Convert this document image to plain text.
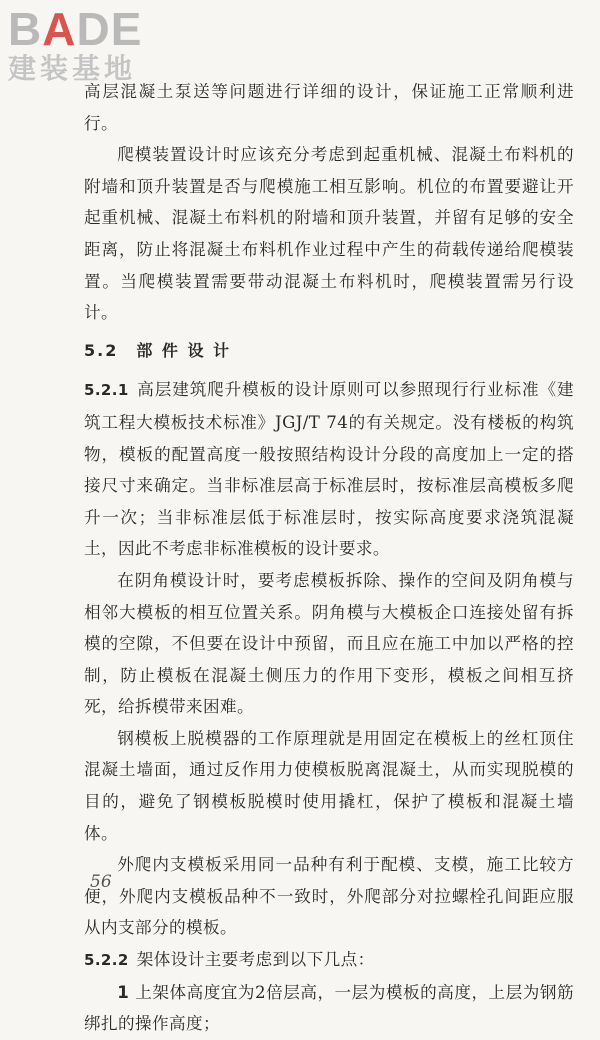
BADE
建装基地

高层混凝土泵送等问题进行详细的设计，保证施工正常顺利进行。

爬模装置设计时应该充分考虑到起重机械、混凝土布料机的附墙和顶升装置是否与爬模施工相互影响。机位的布置要避让开起重机械、混凝土布料机的附墙和顶升装置，并留有足够的安全距离，防止将混凝土布料机作业过程中产生的荷载传递给爬模装置。当爬模装置需要带动混凝土布料机时，爬模装置需另行设计。

5.2　部 件 设 计

5.2.1 高层建筑爬升模板的设计原则可以参照现行行业标准《建筑工程大模板技术标准》JGJ/T 74的有关规定。没有楼板的构筑物，模板的配置高度一般按照结构设计分段的高度加上一定的搭接尺寸来确定。当非标准层高于标准层时，按标准层高模板多爬升一次；当非标准层低于标准层时，按实际高度要求浇筑混凝土，因此不考虑非标准模板的设计要求。

在阴角模设计时，要考虑模板拆除、操作的空间及阴角模与相邻大模板的相互位置关系。阴角模与大模板企口连接处留有拆模的空隙，不但要在设计中预留，而且应在施工中加以严格的控制，防止模板在混凝土侧压力的作用下变形，模板之间相互挤死，给拆模带来困难。

钢模板上脱模器的工作原理就是用固定在模板上的丝杠顶住混凝土墙面，通过反作用力使模板脱离混凝土，从而实现脱模的目的，避免了钢模板脱模时使用撬杠，保护了模板和混凝土墙体。

外爬内支模板采用同一品种有利于配模、支模，施工比较方便，外爬内支模板品种不一致时，外爬部分对拉螺栓孔间距应服从内支部分的模板。

5.2.2 架体设计主要考虑到以下几点：

1 上架体高度宜为2倍层高，一层为模板的高度，上层为钢筋绑扎的操作高度；

56
